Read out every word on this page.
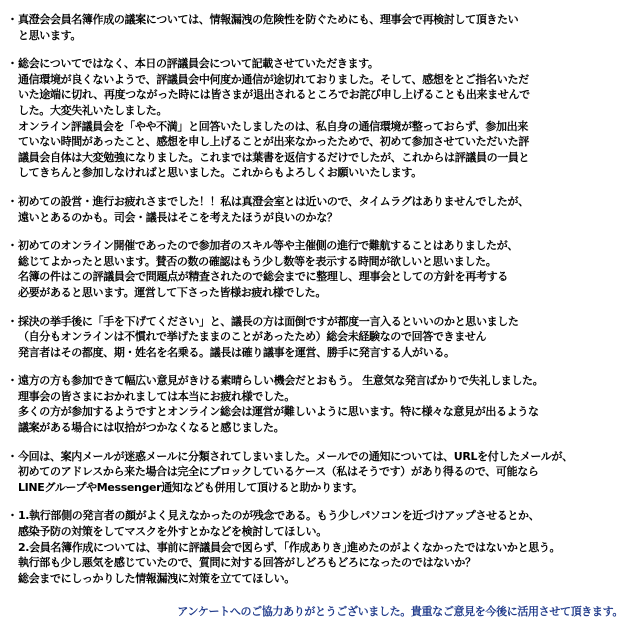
・ 真澄会会員名簿作成の議案については、情報漏洩の危険性を防ぐためにも、理事会で再検討して頂きたい
と思います。
・ 総会についてではなく、本日の評議員会について記載させていただきます。
通信環境が良くないようで、評議員会中何度か通信が途切れておりました。そして、感想をとご指名いただ
いた途端に切れ、再度つながった時には皆さまが退出されるところでお詫び申し上げることも出来ませんで
した。大変失礼いたしました。
オンライン評議員会を「やや不満」と回答いたしましたのは、私自身の通信環境が整っておらず、参加出来
ていない時間があったこと、感想を申し上げることが出来なかったためで、初めて参加させていただいた評
議員会自体は大変勉強になりました。これまでは葉書を返信するだけでしたが、これからは評議員の一員と
してきちんと参加しなければと思いました。これからもよろしくお願いいたします。
・ 初めての設営・進行お疲れさまでした！！私は真澄会室とは近いので、タイムラグはありませんでしたが、
遠いとあるのかも。司会・議長はそこを考えたほうが良いのかな？
・ 初めてのオンライン開催であったので参加者のスキル等や主催側の進行で難航することはありましたが、
総じてよかったと思います。賛否の数の確認はもう少し数等を表示する時間が欲しいと思いました。
名簿の件はこの評議員会で問題点が精査されたので総会までに整理し、理事会としての方針を再考する
必要があると思います。運営して下さった皆様お疲れ様でした。
・ 採決の挙手後に「手を下げてください」と、議長の方は面倒ですが都度一言入るといいのかと思いました
（自分もオンラインは不慣れで挙げたままのことがあったため）総会未経験なので回答できません
発言者はその都度、期・姓名を名乗る。議長は確り議事を運営、勝手に発言する人がいる。
・ 遠方の方も参加できて幅広い意見がきける素晴らしい機会だとおもう。 生意気な発言ばかりで失礼しました。
理事会の皆さまにおかれましては本当にお疲れ様でした。
多くの方が参加するようですとオンライン総会は運営が難しいように思います。特に様々な意見が出るような
議案がある場合には収拾がつかなくなると感じました。
・ 今回は、案内メールが迷惑メールに分類されてしまいました。メールでの通知については、URLを付したメールが、
初めてのアドレスから来た場合は完全にブロックしているケース（私はそうです）があり得るので、可能なら
LINEグループやMessenger通知なども併用して頂けると助かります。
・ 1.執行部側の発言者の顔がよく見えなかったのが残念である。もう少しパソコンを近づけアップさせるとか、
感染予防の対策をしてマスクを外すとかなどを検討してほしい。
2.会員名簿作成については、事前に評議員会で図らず、｢作成ありき｣進めたのがよくなかったではないかと思う。
執行部も少し悪気を感じていたので、質問に対する回答がしどろもどろになったのではないか？
総会までにしっかりした情報漏洩に対策を立ててほしい。
アンケートへのご協力ありがとうございました。貴重なご意見を今後に活用させて頂きます。
